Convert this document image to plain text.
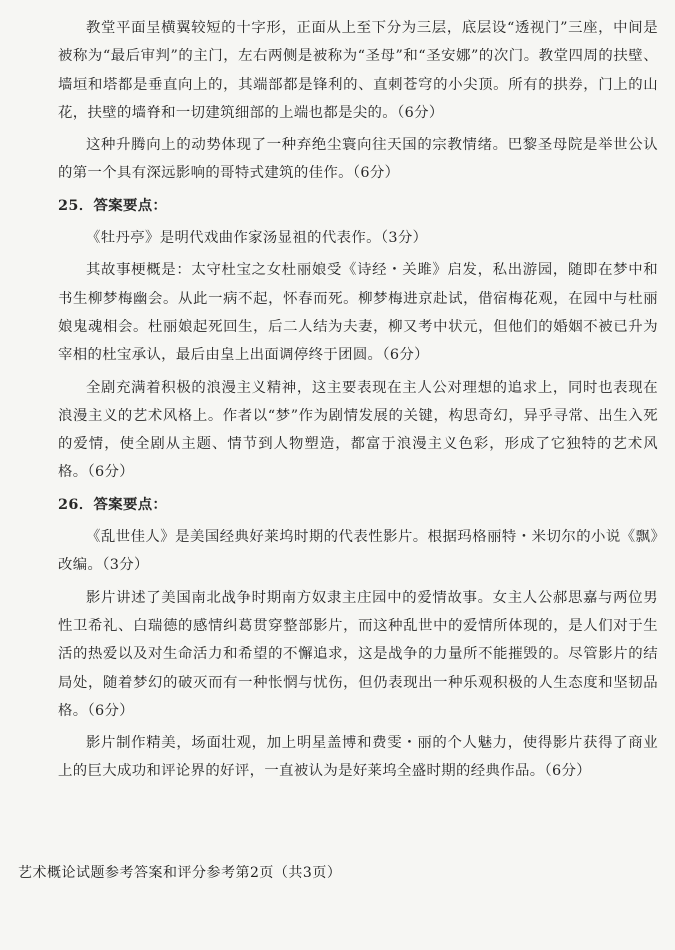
教堂平面呈横翼较短的十字形，正面从上至下分为三层，底层设“透视门”三座，中间是被称为“最后审判”的主门，左右两侧是被称为“圣母”和“圣安娜”的次门。教堂四周的扶壁、墙垣和塔都是垂直向上的，其端部都是锋利的、直刺苍穹的小尖顶。所有的拱券，门上的山花，扶壁的墙脊和一切建筑细部的上端也都是尖的。（6分）

这种升腾向上的动势体现了一种弃绝尘寰向往天国的宗教情绪。巴黎圣母院是举世公认的第一个具有深远影响的哥特式建筑的佳作。（6分）

25．答案要点：

《牡丹亭》是明代戏曲作家汤显祖的代表作。（3分）

其故事梗概是：太守杜宝之女杜丽娘受《诗经・关雎》启发，私出游园，随即在梦中和书生柳梦梅幽会。从此一病不起，怀春而死。柳梦梅进京赴试，借宿梅花观，在园中与杜丽娘鬼魂相会。杜丽娘起死回生，后二人结为夫妻，柳又考中状元，但他们的婚姻不被已升为宰相的杜宝承认，最后由皇上出面调停终于团圆。（6分）

全剧充满着积极的浪漫主义精神，这主要表现在主人公对理想的追求上，同时也表现在浪漫主义的艺术风格上。作者以“梦”作为剧情发展的关键，构思奇幻，异乎寻常、出生入死的爱情，使全剧从主题、情节到人物塑造，都富于浪漫主义色彩，形成了它独特的艺术风格。（6分）

26．答案要点：

《乱世佳人》是美国经典好莱坞时期的代表性影片。根据玛格丽特・米切尔的小说《飘》改编。（3分）

影片讲述了美国南北战争时期南方奴隶主庄园中的爱情故事。女主人公郝思嘉与两位男性卫希礼、白瑞德的感情纠葛贯穿整部影片，而这种乱世中的爱情所体现的，是人们对于生活的热爱以及对生命活力和希望的不懈追求，这是战争的力量所不能摧毁的。尽管影片的结局处，随着梦幻的破灭而有一种怅惘与忧伤，但仍表现出一种乐观积极的人生态度和坚韧品格。（6分）

影片制作精美，场面壮观，加上明星盖博和费雯・丽的个人魅力，使得影片获得了商业上的巨大成功和评论界的好评，一直被认为是好莱坞全盛时期的经典作品。（6分）

艺术概论试题参考答案和评分参考第2页（共3页）
